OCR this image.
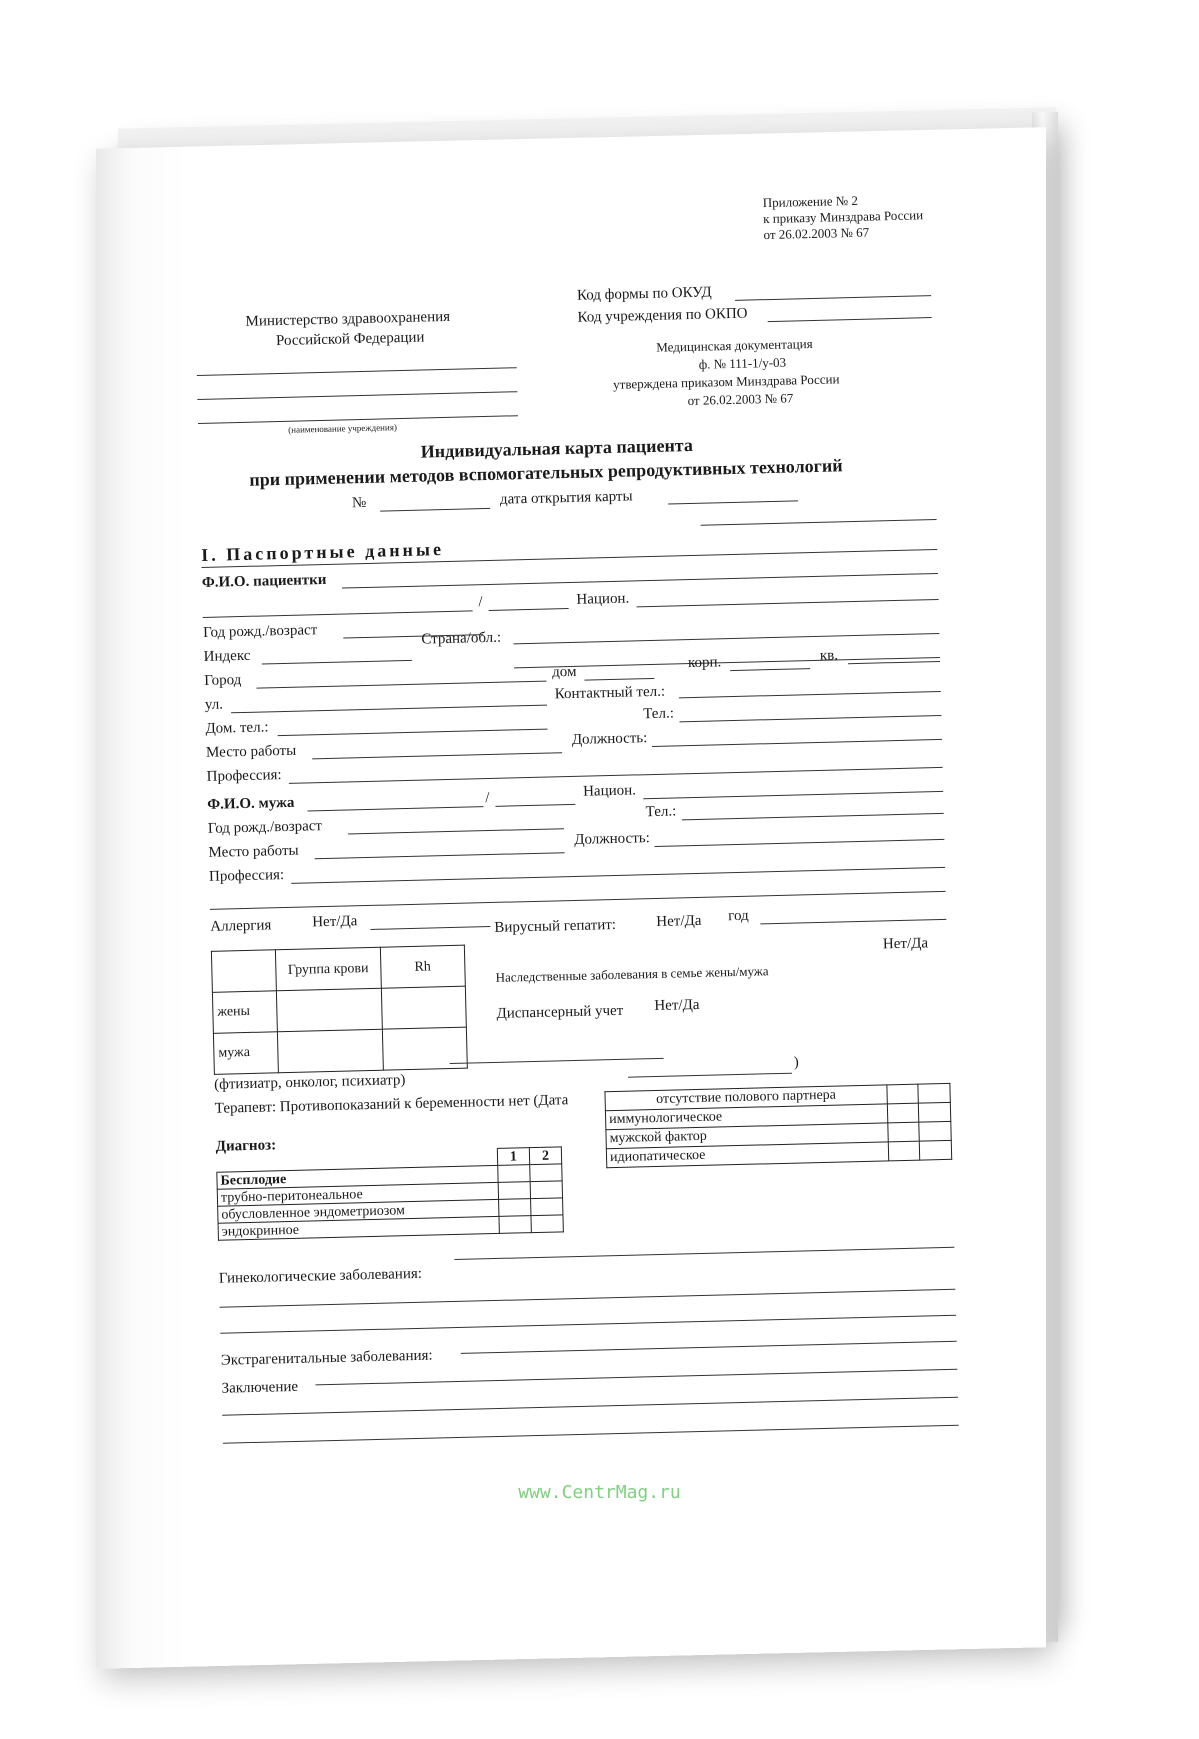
Приложение № 2

к приказу Минздрава России

от 26.02.2003 № 67

Министерство здравоохранения

Российской Федерации

(наименование учреждения)

Код формы по ОКУД

Код учреждения по ОКПО

Медицинская документация

ф. № 111-1/у-03

утверждена приказом Минздрава России

от 26.02.2003 № 67

Индивидуальная карта пациента

при применении методов вспомогательных репродуктивных технологий

№	дата открытия карты

I. Паспортные данные

Ф.И.О. пациентки

/	Национ.

Год рожд./возраст	Страна/обл.:

Индекс

Город	дом

корп.	кв.

ул.

Контактный тел.:

Дом. тел.:

Тел.:

Место работы

Должность:

Профессия:

Ф.И.О. мужа	/	Национ.

Год рожд./возраст

Тел.:

Место работы

Должность:

Профессия:

Аллергия	Нет/Да	Вирусный гепатит:	Нет/Да год

	Группа крови	Rh
жены		
мужа		

Наследственные заболевания в семье жены/мужа

Нет/Да

Диспансерный учет Нет/Да

(фтизиатр, онколог, психиатр)

Терапевт: Противопоказаний к беременности нет (Дата

)

Диагноз:

	1	2
Бесплодие		
трубно-перитонеальное		
обусловленное эндометриозом		
эндокринное		
отсутствие полового партнера		
иммунологическое		
мужской фактор		
идиопатическое		

Гинекологические заболевания:

Экстрагенитальные заболевания:

Заключение

www.CentrMag.ru
